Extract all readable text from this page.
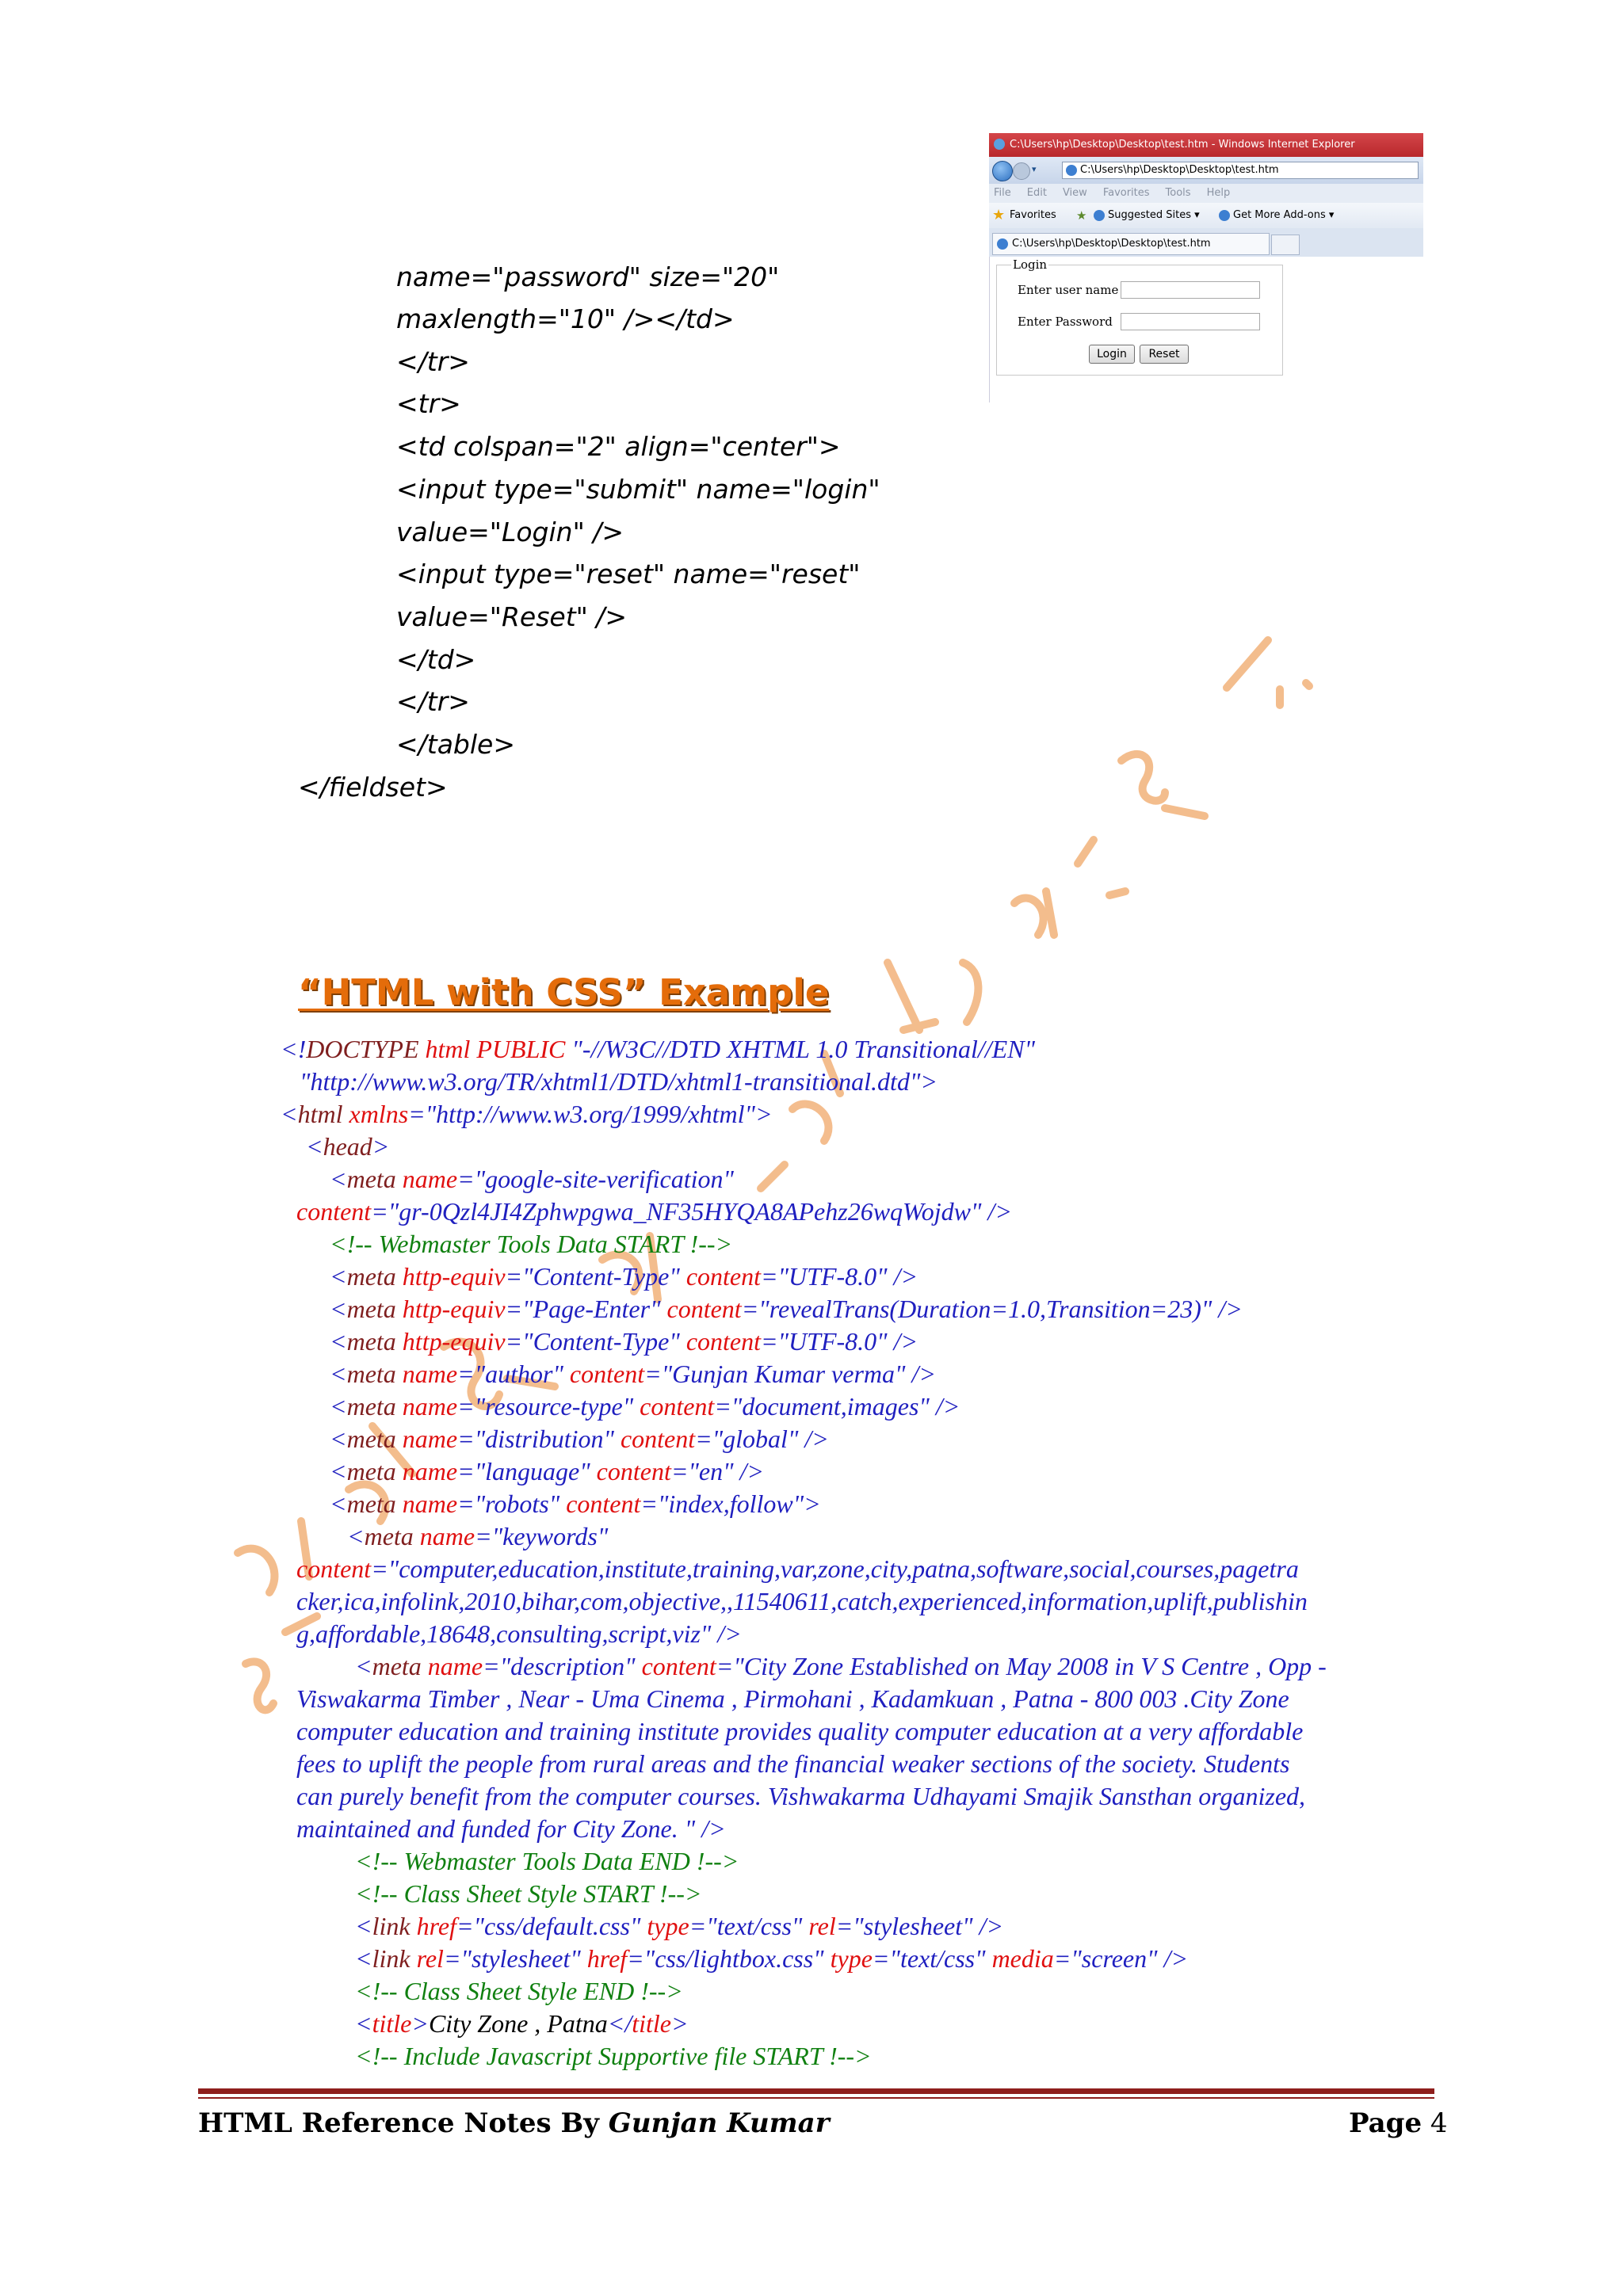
name="password" size="20"
maxlength="10" /></td>
</tr>
<tr>
<td colspan="2" align="center">
<input type="submit" name="login"
value="Login" />
<input type="reset" name="reset"
value="Reset" />
</td>
</tr>
</table>
</fieldset>
C:\Users\hp\Desktop\Desktop\test.htm - Windows Internet Explorer
▾	C:\Users\hp\Desktop\Desktop\test.htm
File Edit View Favorites Tools Help
★ Favorites ★ Suggested Sites ▾	Get More Add-ons ▾
C:\Users\hp\Desktop\Desktop\test.htm
Login
Enter user name
Enter Password
Login	Reset
“HTML with CSS” Example
<!DOCTYPE html PUBLIC "-//W3C//DTD XHTML 1.0 Transitional//EN"
"http://www.w3.org/TR/xhtml1/DTD/xhtml1-transitional.dtd">
<html xmlns="http://www.w3.org/1999/xhtml">
<head>
<meta name="google-site-verification"
content="gr-0Qzl4JI4Zphwpgwa_NF35HYQA8APehz26wqWojdw" />
<!-- Webmaster Tools Data START !-->
<meta http-equiv="Content-Type" content="UTF-8.0" />
<meta http-equiv="Page-Enter" content="revealTrans(Duration=1.0,Transition=23)" />
<meta http-equiv="Content-Type" content="UTF-8.0" />
<meta name="author" content="Gunjan Kumar verma" />
<meta name="resource-type" content="document,images" />
<meta name="distribution" content="global" />
<meta name="language" content="en" />
<meta name="robots" content="index,follow">
<meta name="keywords"
content="computer,education,institute,training,var,zone,city,patna,software,social,courses,pagetra
cker,ica,infolink,2010,bihar,com,objective,,11540611,catch,experienced,information,uplift,publishin
g,affordable,18648,consulting,script,viz" />
<meta name="description" content="City Zone Established on May 2008 in V S Centre , Opp -
Viswakarma Timber , Near - Uma Cinema , Pirmohani , Kadamkuan , Patna - 800 003 .City Zone
computer education and training institute provides quality computer education at a very affordable
fees to uplift the people from rural areas and the financial weaker sections of the society. Students
can purely benefit from the computer courses. Vishwakarma Udhayami Smajik Sansthan organized,
maintained and funded for City Zone. " />
<!-- Webmaster Tools Data END !-->
<!-- Class Sheet Style START !-->
<link href="css/default.css" type="text/css" rel="stylesheet" />
<link rel="stylesheet" href="css/lightbox.css" type="text/css" media="screen" />
<!-- Class Sheet Style END !-->
<title>City Zone , Patna</title>
<!-- Include Javascript Supportive file START !-->
HTML Reference Notes By Gunjan Kumar	Page 4
